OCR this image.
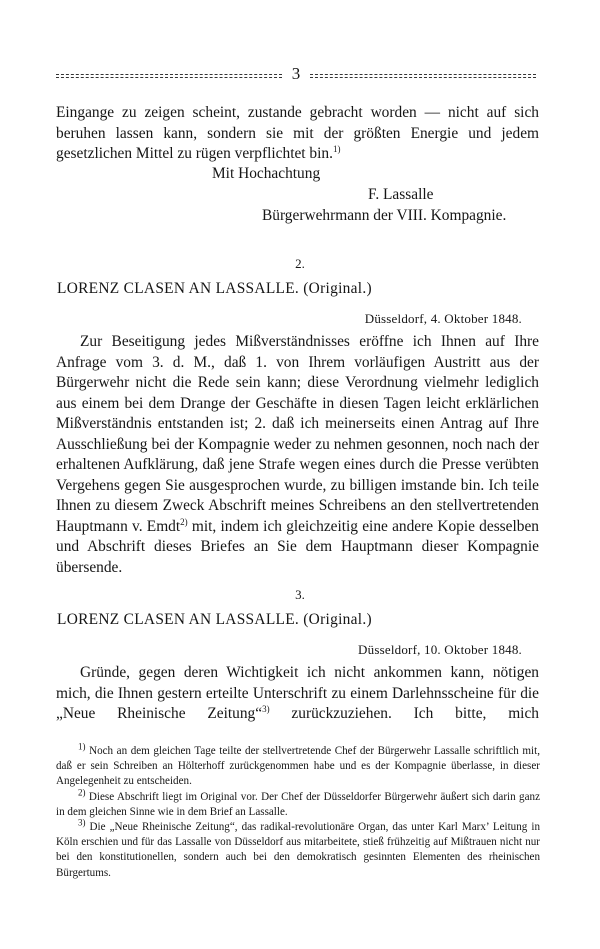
3
Eingange zu zeigen scheint, zustande gebracht worden — nicht auf sich
beruhen lassen kann, sondern sie mit der größten Energie und jedem
gesetzlichen Mittel zu rügen verpflichtet bin.$^{1)}$
Mit Hochachtung
F. Lassalle
Bürgerwehrmann der VIII. Kompagnie.
2.
LORENZ CLASEN AN LASSALLE. (Original.)
Düsseldorf, 4. Oktober 1848.

Zur Beseitigung jedes Mißverständnisses eröffne ich Ihnen auf Ihre Anfrage vom 3. d. M., daß 1. von Ihrem vorläufigen Austritt aus der Bürgerwehr nicht die Rede sein kann; diese Verordnung vielmehr lediglich aus einem bei dem Drange der Geschäfte in diesen Tagen leicht erklärlichen Mißverständnis entstanden ist; 2. daß ich meinerseits einen Antrag auf Ihre Ausschließung bei der Kompagnie weder zu nehmen gesonnen, noch nach der erhaltenen Aufklärung, daß jene Strafe wegen eines durch die Presse verübten Vergehens gegen Sie ausgesprochen wurde, zu billigen imstande bin. Ich teile Ihnen zu diesem Zweck Abschrift meines Schreibens an den stellvertretenden Hauptmann v. Emdt$^{2)}$ mit, indem ich gleichzeitig eine andere Kopie desselben und Abschrift dieses Briefes an Sie dem Hauptmann dieser Kompagnie übersende.

3.
LORENZ CLASEN AN LASSALLE. (Original.)
Düsseldorf, 10. Oktober 1848.

Gründe, gegen deren Wichtigkeit ich nicht ankommen kann, nötigen mich, die Ihnen gestern erteilte Unterschrift zu einem Darlehnsscheine für die „Neue Rheinische Zeitung“$^{3)}$ zurückzuziehen. Ich bitte, mich

$^{1)}$ Noch an dem gleichen Tage teilte der stellvertretende Chef der Bürgerwehr Lassalle schriftlich mit, daß er sein Schreiben an Hölterhoff zurückgenommen habe und es der Kompagnie überlasse, in dieser Angelegenheit zu entscheiden.

$^{2)}$ Diese Abschrift liegt im Original vor. Der Chef der Düsseldorfer Bürgerwehr äußert sich darin ganz in dem gleichen Sinne wie in dem Brief an Lassalle.

$^{3)}$ Die „Neue Rheinische Zeitung“, das radikal-revolutionäre Organ, das unter Karl Marx’ Leitung in Köln erschien und für das Lassalle von Düsseldorf aus mitarbeitete, stieß frühzeitig auf Mißtrauen nicht nur bei den konstitutionellen, sondern auch bei den demokratisch gesinnten Elementen des rheinischen Bürgertums.
